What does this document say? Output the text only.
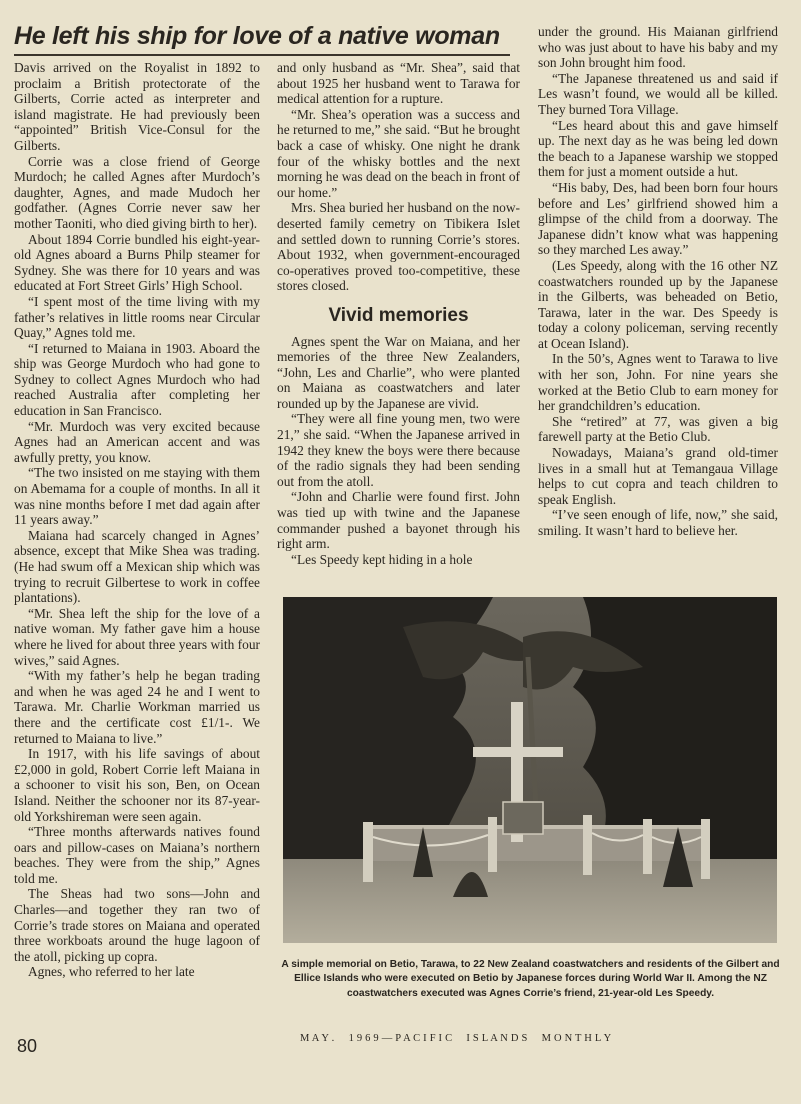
He left his ship for love of a native woman

Davis arrived on the Royalist in 1892 to proclaim a British protectorate of the Gilberts, Corrie acted as interpreter and island magistrate. He had previously been “appointed” British Vice-Consul for the Gilberts.

Corrie was a close friend of George Murdoch; he called Agnes after Murdoch’s daughter, Agnes, and made Mudoch her godfather. (Agnes Corrie never saw her mother Taoniti, who died giving birth to her).

About 1894 Corrie bundled his eight-year-old Agnes aboard a Burns Philp steamer for Sydney. She was there for 10 years and was educated at Fort Street Girls’ High School.

“I spent most of the time living with my father’s relatives in little rooms near Circular Quay,” Agnes told me.

“I returned to Maiana in 1903. Aboard the ship was George Murdoch who had gone to Sydney to collect Agnes Murdoch who had reached Australia after completing her education in San Francisco.

“Mr. Murdoch was very excited because Agnes had an American accent and was awfully pretty, you know.

“The two insisted on me staying with them on Abemama for a couple of months. In all it was nine months before I met dad again after 11 years away.”

Maiana had scarcely changed in Agnes’ absence, except that Mike Shea was trading. (He had swum off a Mexican ship which was trying to recruit Gilbertese to work in coffee plantations).

“Mr. Shea left the ship for the love of a native woman. My father gave him a house where he lived for about three years with four wives,” said Agnes.

“With my father’s help he began trading and when he was aged 24 he and I went to Tarawa. Mr. Charlie Workman married us there and the certificate cost £1/1-. We returned to Maiana to live.”

In 1917, with his life savings of about £2,000 in gold, Robert Corrie left Maiana in a schooner to visit his son, Ben, on Ocean Island. Neither the schooner nor its 87-year-old Yorkshireman were seen again.

“Three months afterwards natives found oars and pillow-cases on Maiana’s northern beaches. They were from the ship,” Agnes told me.

The Sheas had two sons—John and Charles—and together they ran two of Corrie’s trade stores on Maiana and operated three workboats around the huge lagoon of the atoll, picking up copra.

Agnes, who referred to her late

and only husband as “Mr. Shea”, said that about 1925 her husband went to Tarawa for medical attention for a rupture.

“Mr. Shea’s operation was a success and he returned to me,” she said. “But he brought back a case of whisky. One night he drank four of the whisky bottles and the next morning he was dead on the beach in front of our home.”

Mrs. Shea buried her husband on the now-deserted family cemetry on Tibikera Islet and settled down to running Corrie’s stores. About 1932, when government-encouraged co-operatives proved too-competitive, these stores closed.

Vivid memories

Agnes spent the War on Maiana, and her memories of the three New Zealanders, “John, Les and Charlie”, who were planted on Maiana as coastwatchers and later rounded up by the Japanese are vivid.

“They were all fine young men, two were 21,” she said. “When the Japanese arrived in 1942 they knew the boys were there because of the radio signals they had been sending out from the atoll.

“John and Charlie were found first. John was tied up with twine and the Japanese commander pushed a bayonet through his right arm.

“Les Speedy kept hiding in a hole

under the ground. His Maianan girlfriend who was just about to have his baby and my son John brought him food.

“The Japanese threatened us and said if Les wasn’t found, we would all be killed. They burned Tora Village.

“Les heard about this and gave himself up. The next day as he was being led down the beach to a Japanese warship we stopped them for just a moment outside a hut.

“His baby, Des, had been born four hours before and Les’ girlfriend showed him a glimpse of the child from a doorway. The Japanese didn’t know what was happening so they marched Les away.”

(Les Speedy, along with the 16 other NZ coastwatchers rounded up by the Japanese in the Gilberts, was beheaded on Betio, Tarawa, later in the war. Des Speedy is today a colony policeman, serving recently at Ocean Island).

In the 50’s, Agnes went to Tarawa to live with her son, John. For nine years she worked at the Betio Club to earn money for her grandchildren’s education.

She “retired” at 77, was given a big farewell party at the Betio Club.

Nowadays, Maiana’s grand old-timer lives in a small hut at Temangaua Village helps to cut copra and teach children to speak English.

“I’ve seen enough of life, now,” she said, smiling. It wasn’t hard to believe her.

A simple memorial on Betio, Tarawa, to 22 New Zealand coastwatchers and residents of the Gilbert and Ellice Islands who were executed on Betio by Japanese forces during World War II. Among the NZ coastwatchers executed was Agnes Corrie’s friend, 21-year-old Les Speedy.
80	M A Y .     1 9 6 9 — P A C I F I C     I S L A N D S     M O N T H L Y
